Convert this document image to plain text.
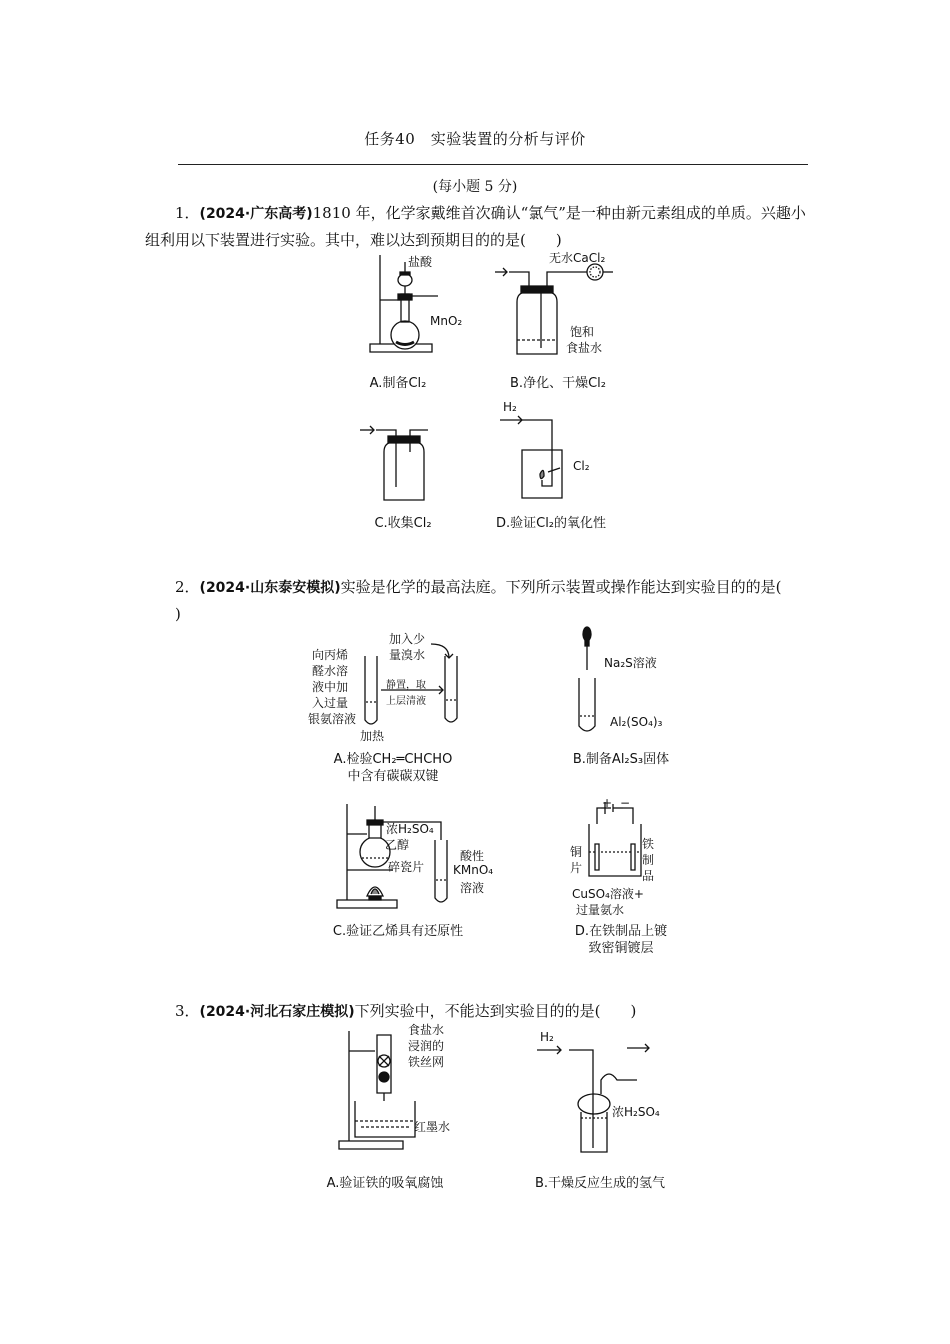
任务40　实验装置的分析与评价
(每小题 5 分)
1．(2024·广东高考)1810 年，化学家戴维首次确认“氯气”是一种由新元素组成的单质。兴趣小组利用以下装置进行实验。其中，难以达到预期目的的是( )
盐酸
MnO₂
A.制备Cl₂
无水CaCl₂
饱和
食盐水
B.净化、干燥Cl₂
C.收集Cl₂
H₂
Cl₂
D.验证Cl₂的氧化性
2．(2024·山东泰安模拟)实验是化学的最高法庭。下列所示装置或操作能达到实验目的的是()
向丙烯
醛水溶
液中加
入过量
银氨溶液
加热
加入少
量溴水
静置，取
上层清液
A.检验CH₂═CHCHO
中含有碳碳双键
Na₂S溶液
Al₂(SO₄)₃
B.制备Al₂S₃固体
浓H₂SO₄
乙醇
碎瓷片
酸性
KMnO₄
溶液
C.验证乙烯具有还原性
+ −
铜
片
铁
制
品
CuSO₄溶液+
过量氨水
D.在铁制品上镀
致密铜镀层
3．(2024·河北石家庄模拟)下列实验中，不能达到实验目的的是( )
食盐水
浸润的
铁丝网
红墨水
A.验证铁的吸氧腐蚀
H₂
浓H₂SO₄
B.干燥反应生成的氢气
